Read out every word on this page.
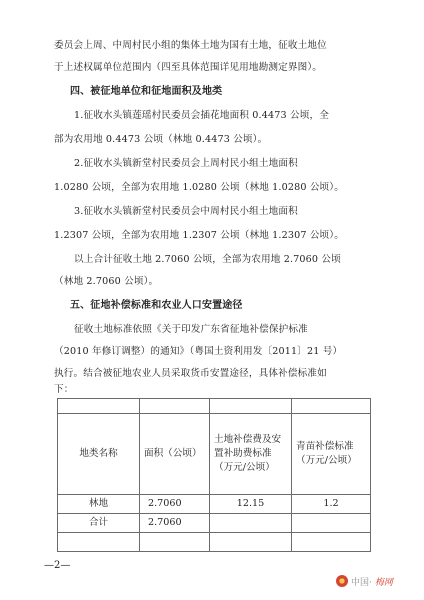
委员会上周、中周村民小组的集体土地为国有土地，征收土地位
于上述权属单位范围内（四至具体范围详见用地勘测定界图）。
四、被征地单位和征地面积及地类
1.征收水头镇莲瑶村民委员会插花地面积 0.4473 公顷，全
部为农用地 0.4473 公顷（林地 0.4473 公顷）。
2.征收水头镇新堂村民委员会上周村民小组土地面积
1.0280 公顷，全部为农用地 1.0280 公顷（林地 1.0280 公顷）。
3.征收水头镇新堂村民委员会中周村民小组土地面积
1.2307 公顷，全部为农用地 1.2307 公顷（林地 1.2307 公顷）。
以上合计征收土地 2.7060 公顷，全部为农用地 2.7060 公顷
（林地 2.7060 公顷）。
五、征地补偿标准和农业人口安置途径
征收土地标准依照《关于印发广东省征地补偿保护标准
（2010 年修订调整）的通知》（粤国土资利用发〔2011〕21 号）

地类名称	面积（公顷）	土地补偿费及安置补助费标准（万元/公顷）	青苗补偿标准（万元/公顷）
林地	2.7060	12.15	1.2
合计	2.7060		

—2—
中国· 梅网
执行。结合被征地农业人员采取货币安置途径，具体补偿标准如
下：
